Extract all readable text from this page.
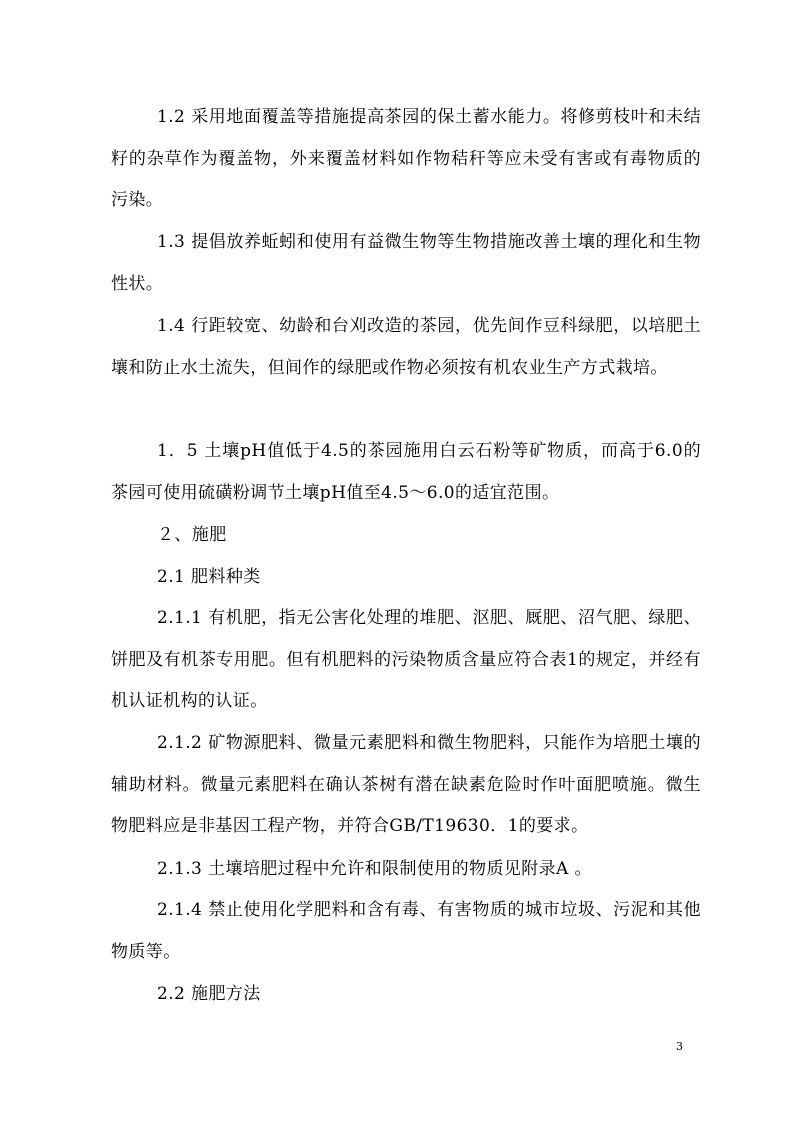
1.2 采用地面覆盖等措施提高茶园的保土蓄水能力。将修剪枝叶和未结籽的杂草作为覆盖物，外来覆盖材料如作物秸秆等应未受有害或有毒物质的污染。

1.3 提倡放养蚯蚓和使用有益微生物等生物措施改善土壤的理化和生物性状。

1.4 行距较宽、幼龄和台刈改造的茶园，优先间作豆科绿肥，以培肥土壤和防止水土流失，但间作的绿肥或作物必须按有机农业生产方式栽培。

1．5 土壤pH值低于4.5的茶园施用白云石粉等矿物质，而高于6.0的茶园可使用硫磺粉调节土壤pH值至4.5～6.0的适宜范围。

２、施肥

2.1 肥料种类

2.1.1 有机肥，指无公害化处理的堆肥、沤肥、厩肥、沼气肥、绿肥、饼肥及有机茶专用肥。但有机肥料的污染物质含量应符合表1的规定，并经有机认证机构的认证。

2.1.2 矿物源肥料、微量元素肥料和微生物肥料，只能作为培肥土壤的辅助材料。微量元素肥料在确认茶树有潜在缺素危险时作叶面肥喷施。微生物肥料应是非基因工程产物，并符合GB/T19630．1的要求。

2.1.3 土壤培肥过程中允许和限制使用的物质见附录A 。

2.1.4 禁止使用化学肥料和含有毒、有害物质的城市垃圾、污泥和其他物质等。

2.2 施肥方法

3
